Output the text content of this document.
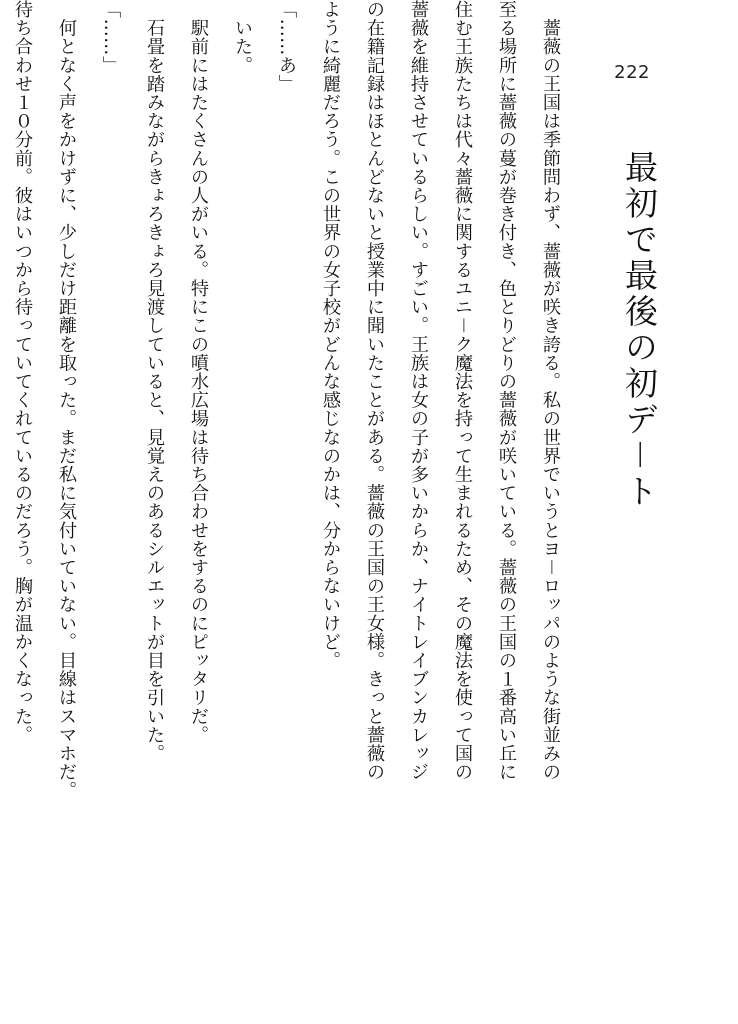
222
最初で最後の初デ－ト
　薔薇の王国は季節問わず、薔薇が咲き誇る。私の世界でいうとヨ－ロッパのような街並みの
至る場所に薔薇の蔓が巻き付き、色とりどりの薔薇が咲いている。薔薇の王国の１番高い丘に
住む王族たちは代々薔薇に関するユニ－ク魔法を持って生まれるため、その魔法を使って国の
薔薇を維持させているらしい。すごい。王族は女の子が多いからか、ナイトレイブンカレッジ
の在籍記録はほとんどないと授業中に聞いたことがある。薔薇の王国の王女様。きっと薔薇の
ように綺麗だろう。この世界の女子校がどんな感じなのかは、分からないけど。
「……あ」
　いた。
　駅前にはたくさんの人がいる。特にこの噴水広場は待ち合わせをするのにピッタリだ。
　石畳を踏みながらきょろきょろ見渡していると、見覚えのあるシルエットが目を引いた。
「……」
　何となく声をかけずに、少しだけ距離を取った。まだ私に気付いていない。目線はスマホだ。
待ち合わせ１０分前。彼はいつから待っていてくれているのだろう。胸が温かくなった。
